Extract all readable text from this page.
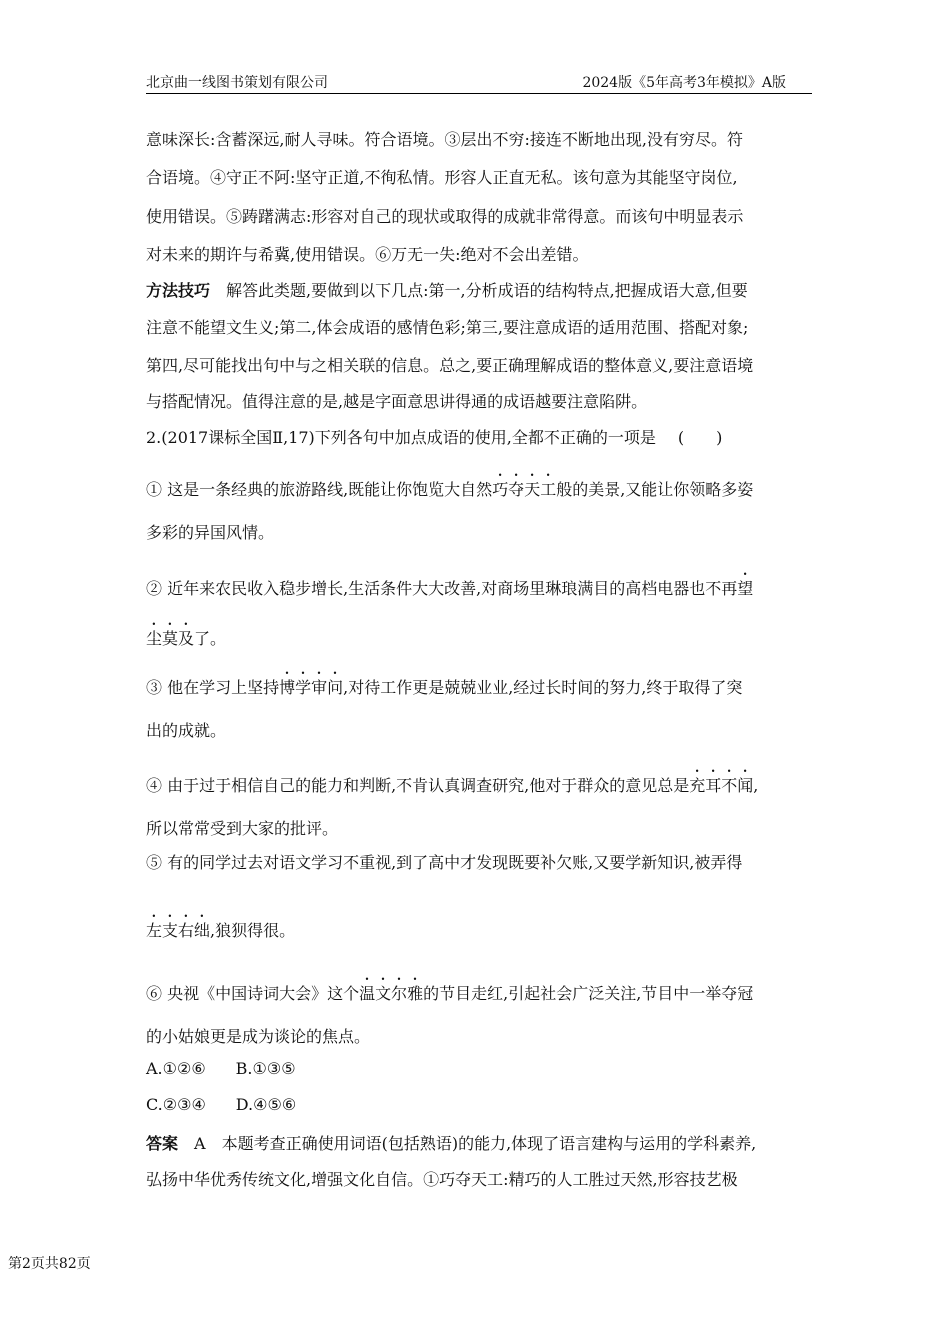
北京曲一线图书策划有限公司	2024版《5年高考3年模拟》A版
意味深长:含蓄深远,耐人寻味。符合语境。③层出不穷:接连不断地出现,没有穷尽。符
合语境。④守正不阿:坚守正道,不徇私情。形容人正直无私。该句意为其能坚守岗位,
使用错误。⑤踌躇满志:形容对自己的现状或取得的成就非常得意。而该句中明显表示
对未来的期许与希冀,使用错误。⑥万无一失:绝对不会出差错。
方法技巧 解答此类题,要做到以下几点:第一,分析成语的结构特点,把握成语大意,但要
注意不能望文生义;第二,体会成语的感情色彩;第三,要注意成语的适用范围、搭配对象;
第四,尽可能找出句中与之相关联的信息。总之,要正确理解成语的整体意义,要注意语境
与搭配情况。值得注意的是,越是字面意思讲得通的成语越要注意陷阱。
2.(2017课标全国Ⅱ,17)下列各句中加点成语的使用,全都不正确的一项是 (　　)
① 这是一条经典的旅游路线,既能让你饱览大自然巧夺天工般的美景,又能让你领略多姿
多彩的异国风情。
② 近年来农民收入稳步增长,生活条件大大改善,对商场里琳琅满目的高档电器也不再望
尘莫及了。
③ 他在学习上坚持博学审问,对待工作更是兢兢业业,经过长时间的努力,终于取得了突
出的成就。
④ 由于过于相信自己的能力和判断,不肯认真调查研究,他对于群众的意见总是充耳不闻,
所以常常受到大家的批评。
⑤ 有的同学过去对语文学习不重视,到了高中才发现既要补欠账,又要学新知识,被弄得
左支右绌,狼狈得很。
⑥ 央视《中国诗词大会》这个温文尔雅的节目走红,引起社会广泛关注,节目中一举夺冠
的小姑娘更是成为谈论的焦点。
A.①②⑥ B.①③⑤
C.②③④ D.④⑤⑥
答案 A 本题考查正确使用词语(包括熟语)的能力,体现了语言建构与运用的学科素养,
弘扬中华优秀传统文化,增强文化自信。①巧夺天工:精巧的人工胜过天然,形容技艺极
第2页共82页
